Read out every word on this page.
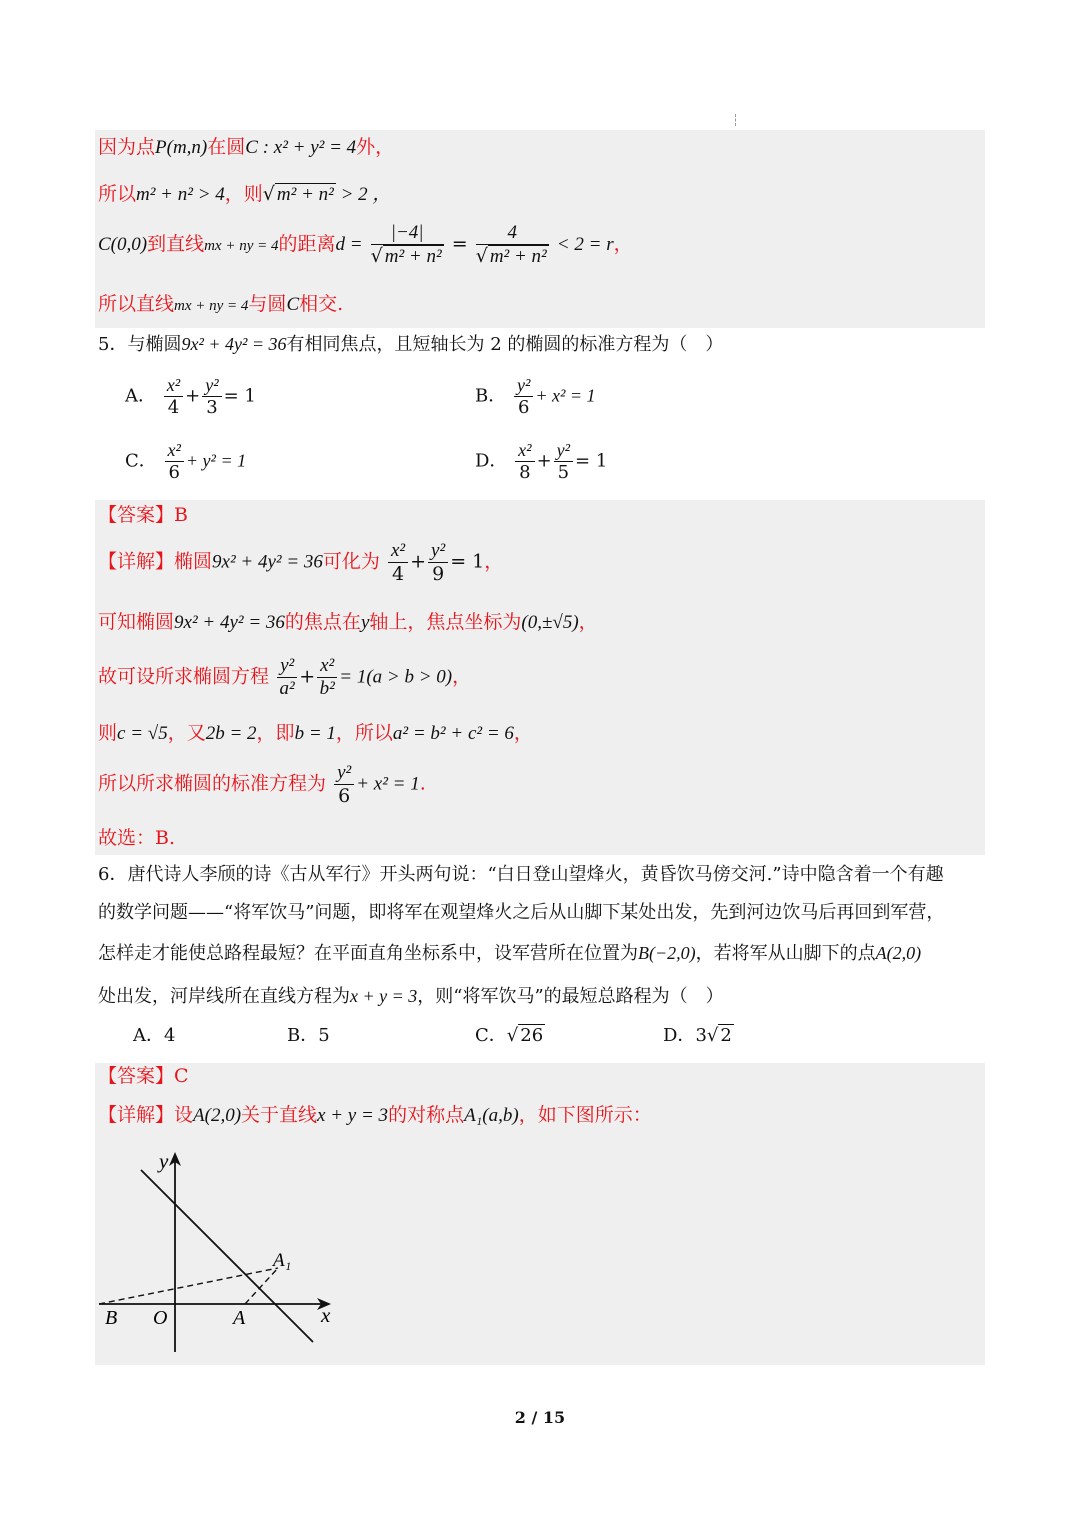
因为点P(m,n)在圆C : x² + y² = 4外，
所以m² + n² > 4，则√ m² + n² > 2 ，
C(0,0)到直线mx + ny = 4的距离$d = \frac{|-4|}{\text{√ m² + n²}} = \frac{4}{\text{√ m² + n²}} < 2 = r$，
所以直线mx + ny = 4与圆C相交.
5．与椭圆9x² + 4y² = 36有相同焦点，且短轴长为 2 的椭圆的标准方程为（　）
A． $\frac{\text{x²}}{4} + \frac{\text{y²}}{3} = 1$	B． $\frac{\text{y²}}{6} + x^2 = 1$
C． $\frac{\text{x²}}{6} + y^2 = 1$	D． $\frac{\text{x²}}{8} + \frac{\text{y²}}{5} = 1$
【答案】B
【详解】椭圆9x² + 4y² = 36可化为 $\frac{\text{x²}}{4} + \frac{\text{y²}}{9} = 1$，
可知椭圆9x² + 4y² = 36的焦点在y轴上，焦点坐标为(0,±√5)，
故可设所求椭圆方程 $\frac{\text{y²}}{\text{a²}} + \frac{\text{x²}}{\text{b²}} = 1(a > b > 0)$，
则c = √5，又2b = 2，即b = 1，所以a² = b² + c² = 6，
所以所求椭圆的标准方程为 $\frac{\text{y²}}{6} + x^2 = 1$.
故选：B.
6．唐代诗人李颀的诗《古从军行》开头两句说：“白日登山望烽火，黄昏饮马傍交河.”诗中隐含着一个有趣
的数学问题——“将军饮马”问题，即将军在观望烽火之后从山脚下某处出发，先到河边饮马后再回到军营，
怎样走才能使总路程最短？在平面直角坐标系中，设军营所在位置为B(−2,0)，若将军从山脚下的点A(2,0)
处出发，河岸线所在直线方程为x + y = 3，则“将军饮马”的最短总路程为（　）
A．4	B．5	C．√ 26	D．3√ 2
【答案】C
【详解】设A(2,0)关于直线x + y = 3的对称点A₁(a,b)，如下图所示：
y
x
B O	A
A₁
2 / 15
